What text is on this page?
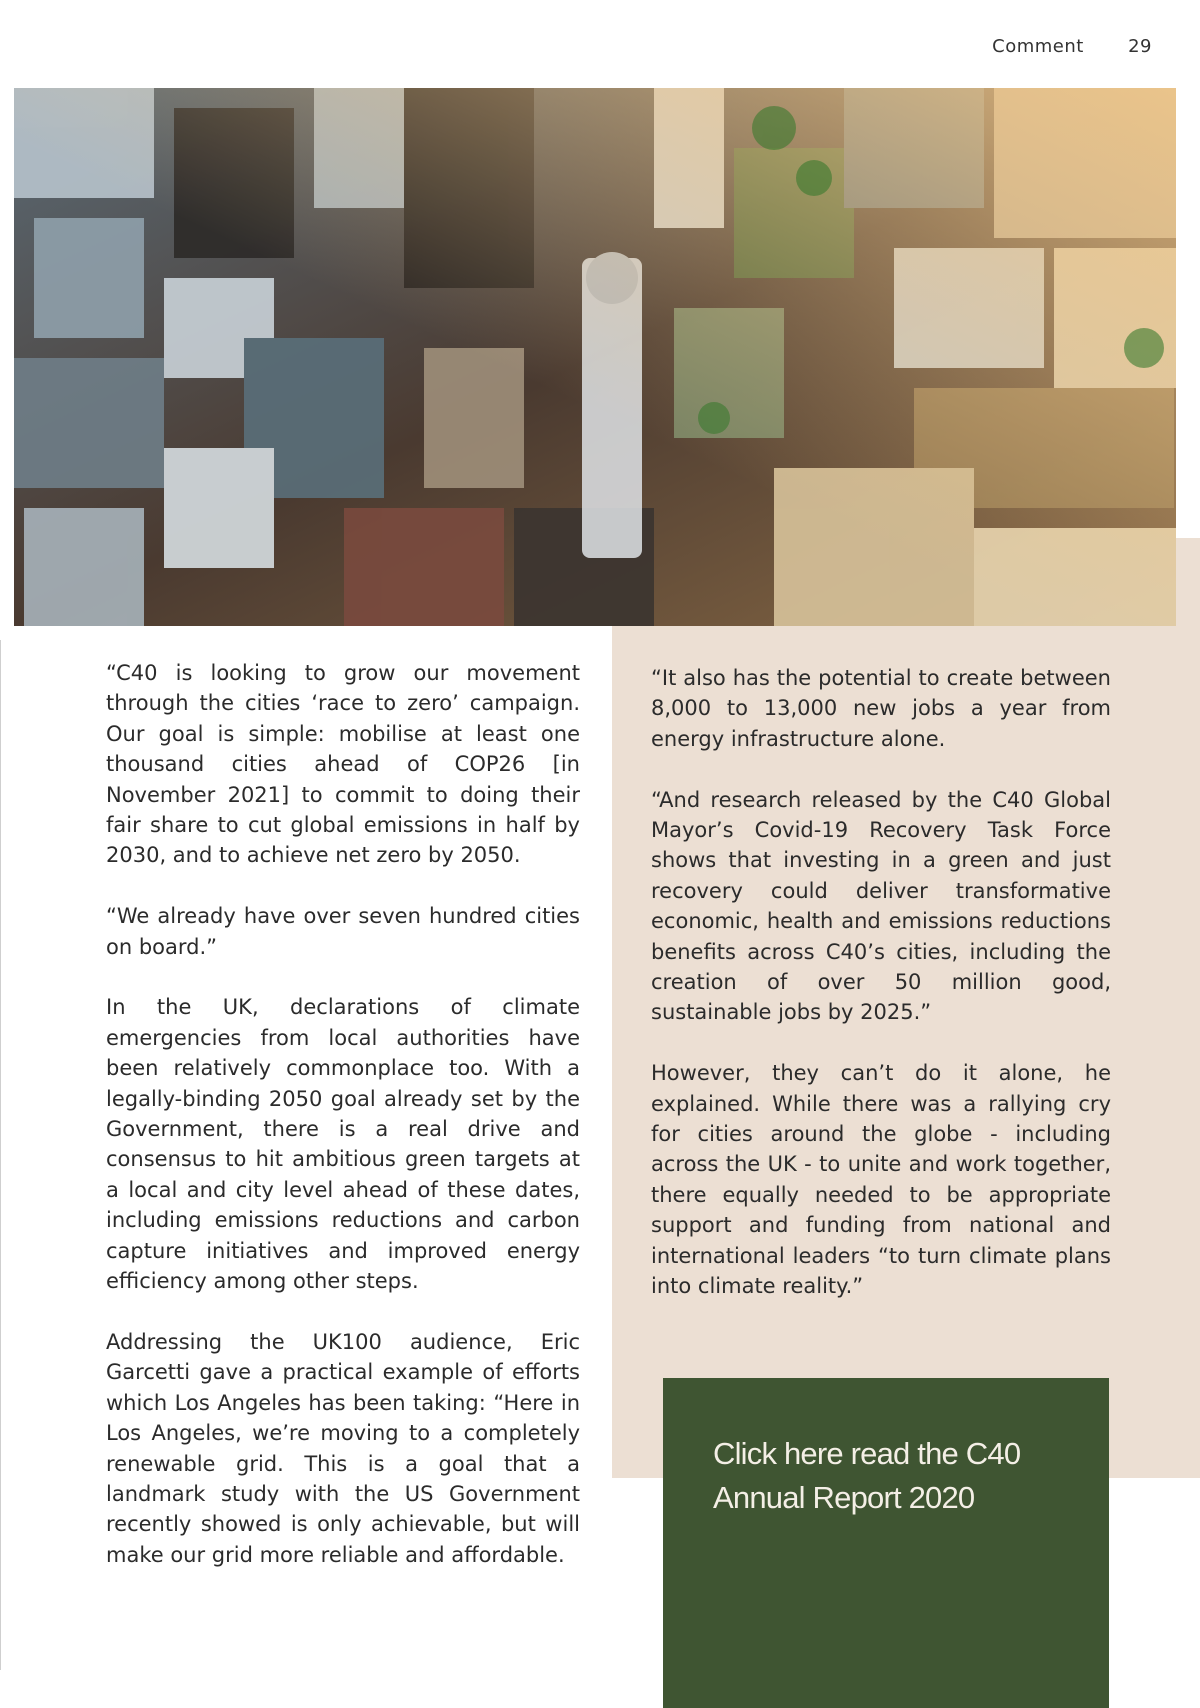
Comment 29

“C40 is looking to grow our movement through the cities ‘race to zero’ campaign. Our goal is simple: mobilise at least one thousand cities ahead of COP26 [in November 2021] to commit to doing their fair share to cut global emissions in half by 2030, and to achieve net zero by 2050.

“We already have over seven hundred cities on board.”

In the UK, declarations of climate emergencies from local authorities have been relatively commonplace too. With a legally-binding 2050 goal already set by the Government, there is a real drive and consensus to hit ambitious green targets at a local and city level ahead of these dates, including emissions reductions and carbon capture initiatives and improved energy efficiency among other steps.

Addressing the UK100 audience, Eric Garcetti gave a practical example of efforts which Los Angeles has been taking: “Here in Los Angeles, we’re moving to a completely renewable grid. This is a goal that a landmark study with the US Government recently showed is only achievable, but will make our grid more reliable and affordable.

“It also has the potential to create between 8,000 to 13,000 new jobs a year from energy infrastructure alone.

“And research released by the C40 Global Mayor’s Covid-19 Recovery Task Force shows that investing in a green and just recovery could deliver transformative economic, health and emissions reductions benefits across C40’s cities, including the creation of over 50 million good, sustainable jobs by 2025.”

However, they can’t do it alone, he explained. While there was a rallying cry for cities around the globe - including across the UK - to unite and work together, there equally needed to be appropriate support and funding from national and international leaders “to turn climate plans into climate reality.”

Click here read the C40 Annual Report 2020
